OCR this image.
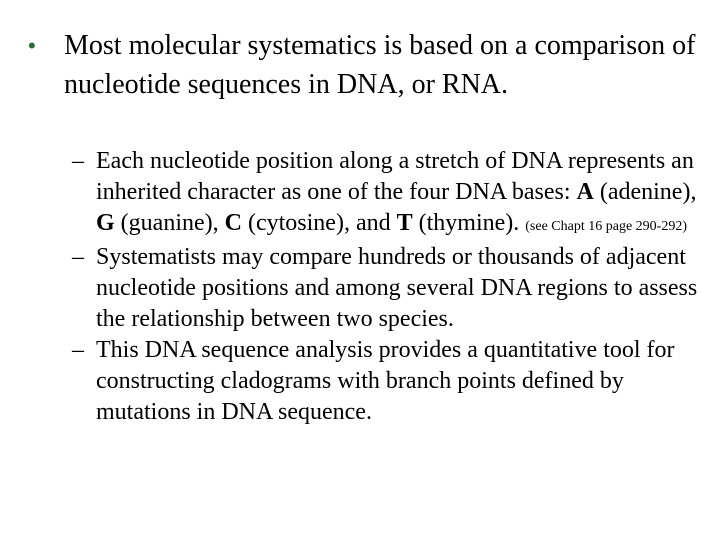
•	Most molecular systematics is based on a comparison of nucleotide sequences in DNA, or RNA.
– Each nucleotide position along a stretch of DNA represents an inherited character as one of the four DNA bases: A (adenine), G (guanine), C (cytosine), and T (thymine). (see Chapt 16 page 290-292)
– Systematists may compare hundreds or thousands of adjacent nucleotide positions and among several DNA regions to assess the relationship between two species.
– This DNA sequence analysis provides a quantitative tool for constructing cladograms with branch points defined by mutations in DNA sequence.
